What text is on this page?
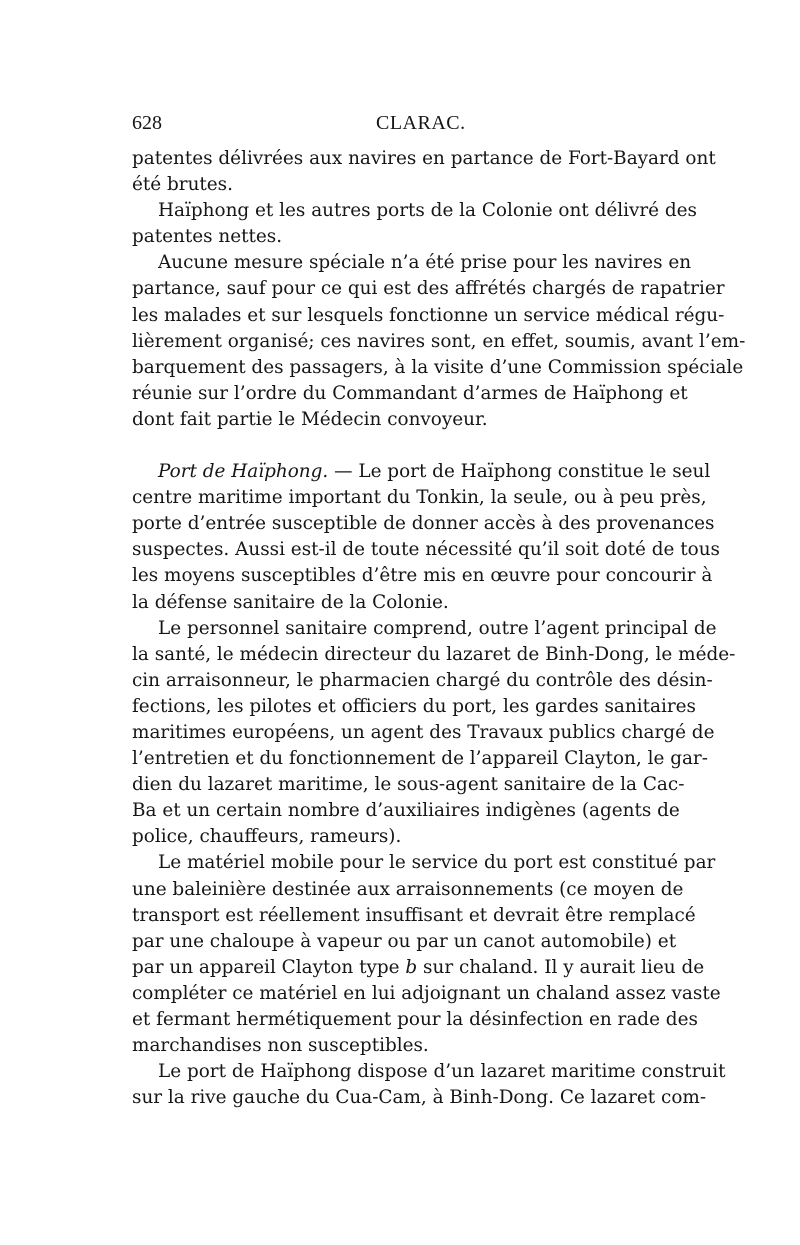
628	CLARAC.
patentes délivrées aux navires en partance de Fort-Bayard ont
été brutes.
Haïphong et les autres ports de la Colonie ont délivré des
patentes nettes.
Aucune mesure spéciale n’a été prise pour les navires en
partance, sauf pour ce qui est des affrétés chargés de rapatrier
les malades et sur lesquels fonctionne un service médical régu-
lièrement organisé; ces navires sont, en effet, soumis, avant l’em-
barquement des passagers, à la visite d’une Commission spéciale
réunie sur l’ordre du Commandant d’armes de Haïphong et
dont fait partie le Médecin convoyeur.
Port de Haïphong. — Le port de Haïphong constitue le seul
centre maritime important du Tonkin, la seule, ou à peu près,
porte d’entrée susceptible de donner accès à des provenances
suspectes. Aussi est-il de toute nécessité qu’il soit doté de tous
les moyens susceptibles d’être mis en œuvre pour concourir à
la défense sanitaire de la Colonie.
Le personnel sanitaire comprend, outre l’agent principal de
la santé, le médecin directeur du lazaret de Binh-Dong, le méde-
cin arraisonneur, le pharmacien chargé du contrôle des désin-
fections, les pilotes et officiers du port, les gardes sanitaires
maritimes européens, un agent des Travaux publics chargé de
l’entretien et du fonctionnement de l’appareil Clayton, le gar-
dien du lazaret maritime, le sous-agent sanitaire de la Cac-
Ba et un certain nombre d’auxiliaires indigènes (agents de
police, chauffeurs, rameurs).
Le matériel mobile pour le service du port est constitué par
une baleinière destinée aux arraisonnements (ce moyen de
transport est réellement insuffisant et devrait être remplacé
par une chaloupe à vapeur ou par un canot automobile) et
par un appareil Clayton type b sur chaland. Il y aurait lieu de
compléter ce matériel en lui adjoignant un chaland assez vaste
et fermant hermétiquement pour la désinfection en rade des
marchandises non susceptibles.
Le port de Haïphong dispose d’un lazaret maritime construit
sur la rive gauche du Cua-Cam, à Binh-Dong. Ce lazaret com-
